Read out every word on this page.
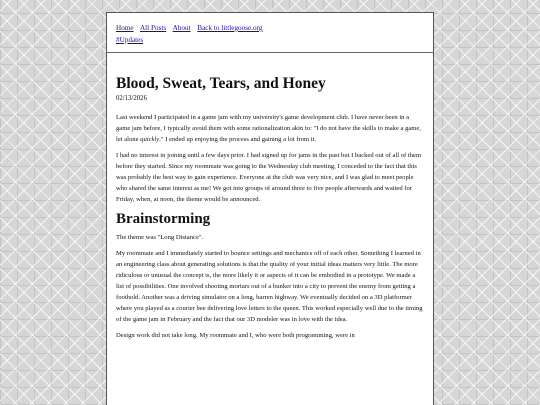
Home All Posts About Back to littlegoose.org
#Updates
Blood, Sweat, Tears, and Honey
02/13/2026

Last weekend I participated in a game jam with my university's game development club. I have never been in a game jam before, I typically avoid them with some rationalization akin to: "I do not have the skills to make a game, let alone quickly." I ended up enjoying the process and gaining a lot from it.

I had no interest in joining until a few days prior. I had signed up for jams in the past but I backed out of all of them before they started. Since my roommate was going to the Wednesday club meeting, I conceded to the fact that this was probably the best way to gain experience. Everyone at the club was very nice, and I was glad to meet people who shared the same interest as me! We got into groups of around three to five people afterwards and waited for Friday, when, at noon, the theme would be announced.

Brainstorming

The theme was "Long Distance".

My roommate and I immediately started to bounce settings and mechanics off of each other. Something I learned in an engineering class about generating solutions is that the quality of your initial ideas matters very little. The more ridiculous or unusual the concept is, the more likely it or aspects of it can be embodied in a prototype. We made a list of possibilities. One involved shooting mortars out of a bunker into a city to prevent the enemy from getting a foothold. Another was a driving simulator on a long, barren highway. We eventually decided on a 3D platformer where you played as a courier bee delivering love letters to the queen. This worked especially well due to the timing of the game jam in February and the fact that our 3D modeler was in love with the idea.

Design work did not take long. My roommate and I, who were both programming, were in
